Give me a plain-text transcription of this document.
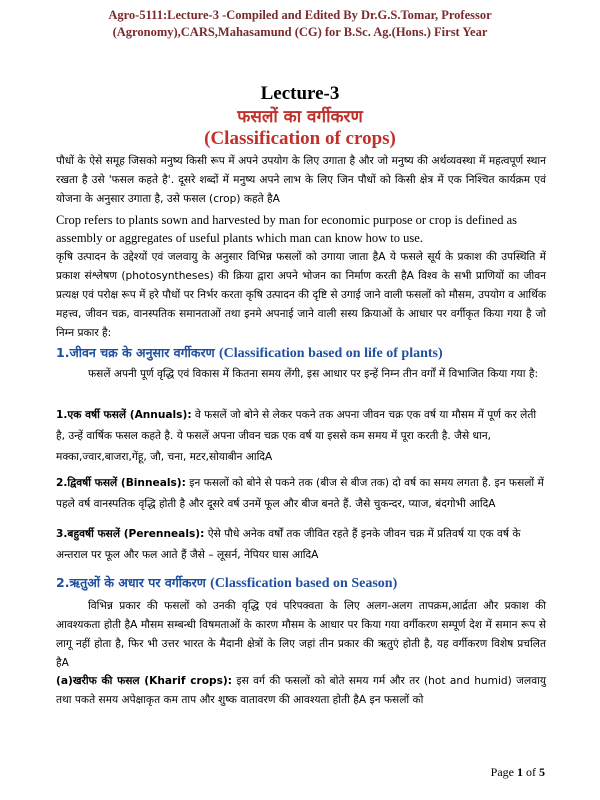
Agro-5111:Lecture-3 -Compiled and Edited By Dr.G.S.Tomar, Professor
(Agronomy),CARS,Mahasamund (CG) for B.Sc. Ag.(Hons.) First Year
Lecture-3
फसलों का वर्गीकरण
(Classification of crops)
पौधों के ऐसे समूह जिसको मनुष्य किसी रूप में अपने उपयोग के लिए उगाता है और जो मनुष्य की अर्थव्यवस्था में महत्वपूर्ण स्थान रखता है उसे 'फसल कहते है'. दूसरे शब्दों में मनुष्य अपने लाभ के लिए जिन पौधों को किसी क्षेत्र में एक निश्चित कार्यक्रम एवं योजना के अनुसार उगाता है, उसे फसल (crop) कहते हैA
Crop refers to plants sown and harvested by man for economic purpose or crop is defined as assembly or aggregates of useful plants which man can know how to use.
कृषि उत्पादन के उद्देश्यों एवं जलवायु के अनुसार विभिन्न फसलों को उगाया जाता हैA ये फसले सूर्य के प्रकाश की उपस्थिति में प्रकाश संश्लेषण (photosyntheses) की क्रिया द्वारा अपने भोजन का निर्माण करती हैA विश्व के सभी प्राणियों का जीवन प्रत्यक्ष एवं परोक्ष रूप में हरे पौधों पर निर्भर करता कृषि उत्पादन की दृष्टि से उगाई जाने वाली फसलों को मौसम, उपयोग व आर्थिक महत्त्व, जीवन चक्र, वानस्पतिक समानताओं तथा इनमे अपनाई जाने वाली सस्य क्रियाओं के आधार पर वर्गीकृत किया गया है जो निम्न प्रकार है:
1.जीवन चक्र के अनुसार वर्गीकरण (Classification based on life of plants)
फसलें अपनी पूर्ण वृद्धि एवं विकास में कितना समय लेंगी, इस आधार पर इन्हें निम्न तीन वर्गों में विभाजित किया गया है:
1.एक वर्षी फसलें (Annuals): वे फसलें जो बोने से लेकर पकने तक अपना जीवन चक्र एक वर्ष या मौसम में पूर्ण कर लेती है, उन्हें वार्षिक फसल कहते है. ये फसलें अपना जीवन चक्र एक वर्ष या इससे कम समय में पूरा करती है. जैसे धान, मक्का,ज्वार,बाजरा,गेंहू, जौ, चना, मटर,सोयाबीन आदिA
2.द्विवर्षी फसलें (Binneals): इन फसलों को बोने से पकने तक (बीज से बीज तक) दो वर्ष का समय लगता है. इन फसलों में पहले वर्ष वानस्पतिक वृद्धि होती है और दूसरे वर्ष उनमें फूल और बीज बनते हैं. जैसे चुकन्दर, प्याज, बंदगोभी आदिA
3.बहुवर्षी फसलें (Perenneals): ऐसे पौधे अनेक वर्षों तक जीवित रहते हैं इनके जीवन चक्र में प्रतिवर्ष या एक वर्ष के अन्तराल पर फूल और फल आते हैं जैसे – लूसर्न, नेपियर घास आदिA
2.ऋतुओं के अधार पर वर्गीकरण (Classfication based on Season)
विभिन्न प्रकार की फसलों को उनकी वृद्धि एवं परिपक्वता के लिए अलग-अलग तापक्रम,आर्द्रता और प्रकाश की आवश्यकता होती हैA मौसम सम्बन्धी विषमताओं के कारण मौसम के आधार पर किया गया वर्गीकरण सम्पूर्ण देश में समान रूप से लागू नहीं होता है, फिर भी उत्तर भारत के मैदानी क्षेत्रों के लिए जहां तीन प्रकार की ऋतुएं होती है, यह वर्गीकरण विशेष प्रचलित हैA
(a)खरीफ की फसल (Kharif crops): इस वर्ग की फसलों को बोते समय गर्म और तर (hot and humid) जलवायु तथा पकते समय अपेक्षाकृत कम ताप और शुष्क वातावरण की आवश्यता होती हैA इन फसलों को
Page 1 of 5
